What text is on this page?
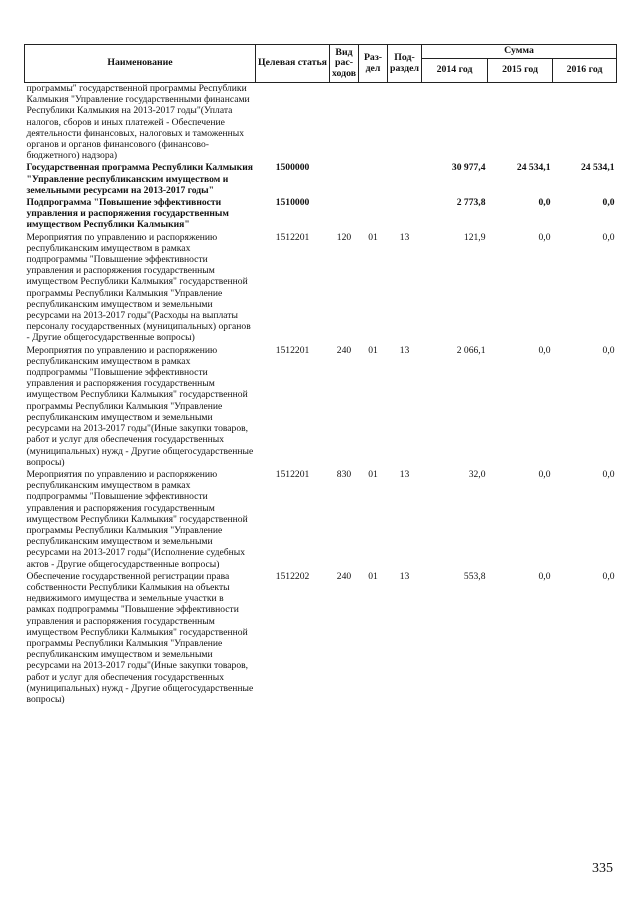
Наименование	Целевая статья	Вид рас- ходов	Раз- дел	Под- раздел	Сумма		
					2014 год	2015 год	2016 год
программы" государственной программы Республики Калмыкия "Управление государственными финансами Республики Калмыкия на 2013-2017 годы"(Уплата налогов, сборов и иных платежей - Обеспечение деятельности финансовых, налоговых и таможенных органов и органов финансового (финансово-бюджетного) надзора)							
Государственная программа Республики Калмыкия "Управление республиканским имуществом и земельными ресурсами на 2013-2017 годы"	1500000				30 977,4	24 534,1	24 534,1
Подпрограмма "Повышение эффективности управления и распоряжения государственным имуществом Республики Калмыкия"	1510000				2 773,8	0,0	0,0
Мероприятия по управлению и распоряжению республиканским имуществом в рамках подпрограммы "Повышение эффективности управления и распоряжения государственным имуществом Республики Калмыкия" государственной программы Республики Калмыкия "Управление республиканским имуществом и земельными ресурсами на 2013-2017 годы"(Расходы на выплаты персоналу государственных (муниципальных) органов - Другие общегосударственные вопросы)	1512201	120	01	13	121,9	0,0	0,0
Мероприятия по управлению и распоряжению республиканским имуществом в рамках подпрограммы "Повышение эффективности управления и распоряжения государственным имуществом Республики Калмыкия" государственной программы Республики Калмыкия "Управление республиканским имуществом и земельными ресурсами на 2013-2017 годы"(Иные закупки товаров, работ и услуг для обеспечения государственных (муниципальных) нужд - Другие общегосударственные вопросы)	1512201	240	01	13	2 066,1	0,0	0,0
Мероприятия по управлению и распоряжению республиканским имуществом в рамках подпрограммы "Повышение эффективности управления и распоряжения государственным имуществом Республики Калмыкия" государственной программы Республики Калмыкия "Управление республиканским имуществом и земельными ресурсами на 2013-2017 годы"(Исполнение судебных актов - Другие общегосударственные вопросы)	1512201	830	01	13	32,0	0,0	0,0
Обеспечение государственной регистрации права собственности Республики Калмыкия на объекты недвижимого имущества и земельные участки в рамках подпрограммы "Повышение эффективности управления и распоряжения государственным имуществом Республики Калмыкия" государственной программы Республики Калмыкия "Управление республиканским имуществом и земельными ресурсами на 2013-2017 годы"(Иные закупки товаров, работ и услуг для обеспечения государственных (муниципальных) нужд - Другие общегосударственные вопросы)	1512202	240	01	13	553,8	0,0	0,0
335
